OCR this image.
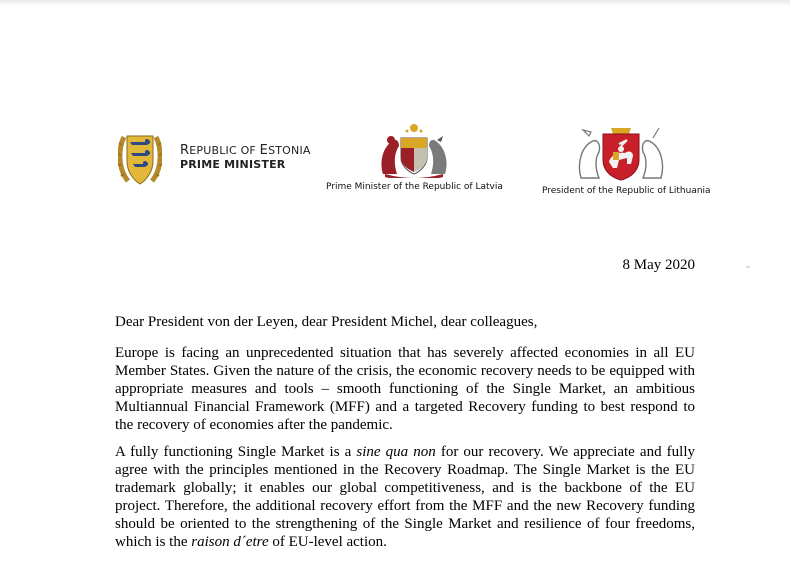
REPUBLIC OF ESTONIA
PRIME MINISTER
Prime Minister of the Republic of Latvia	President of the Republic of Lithuania
8 May 2020
Dear President von der Leyen, dear President Michel, dear colleagues,
Europe is facing an unprecedented situation that has severely affected economies in all EU
Member States. Given the nature of the crisis, the economic recovery needs to be equipped with
appropriate measures and tools – smooth functioning of the Single Market, an ambitious
Multiannual Financial Framework (MFF) and a targeted Recovery funding to best respond to
the recovery of economies after the pandemic.
A fully functioning Single Market is a sine qua non for our recovery. We appreciate and fully
agree with the principles mentioned in the Recovery Roadmap. The Single Market is the EU
trademark globally; it enables our global competitiveness, and is the backbone of the EU
project. Therefore, the additional recovery effort from the MFF and the new Recovery funding
should be oriented to the strengthening of the Single Market and resilience of four freedoms,
which is the raison d´etre of EU-level action.
